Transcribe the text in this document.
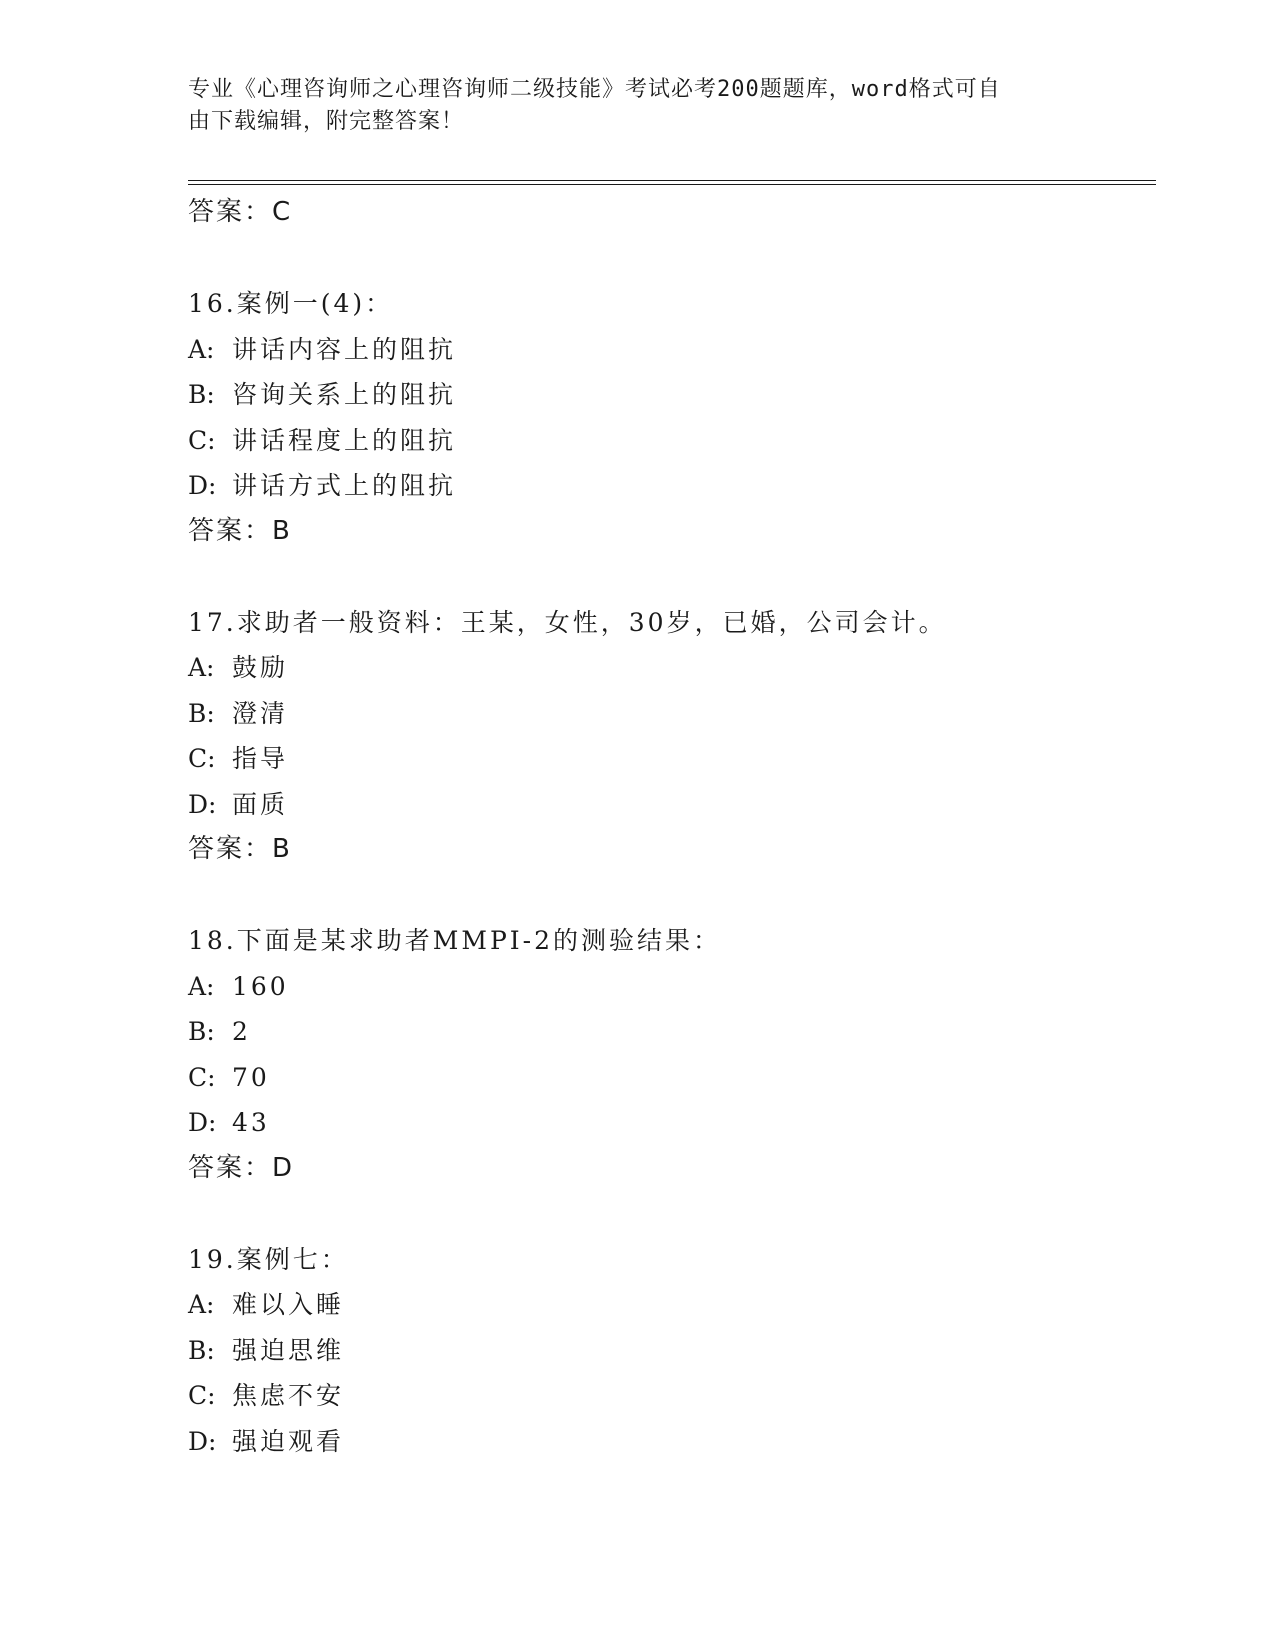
专业《心理咨询师之心理咨询师二级技能》考试必考200题题库，word格式可自
由下载编辑，附完整答案！
答案：C
16.案例一(4)：
A: 讲话内容上的阻抗
B: 咨询关系上的阻抗
C: 讲话程度上的阻抗
D: 讲话方式上的阻抗
答案：B
17.求助者一般资料：王某，女性，30岁，已婚，公司会计。
A: 鼓励
B: 澄清
C: 指导
D: 面质
答案：B
18.下面是某求助者MMPI-2的测验结果：
A: 160
B: 2
C: 70
D: 43
答案：D
19.案例七：
A: 难以入睡
B: 强迫思维
C: 焦虑不安
D: 强迫观看
